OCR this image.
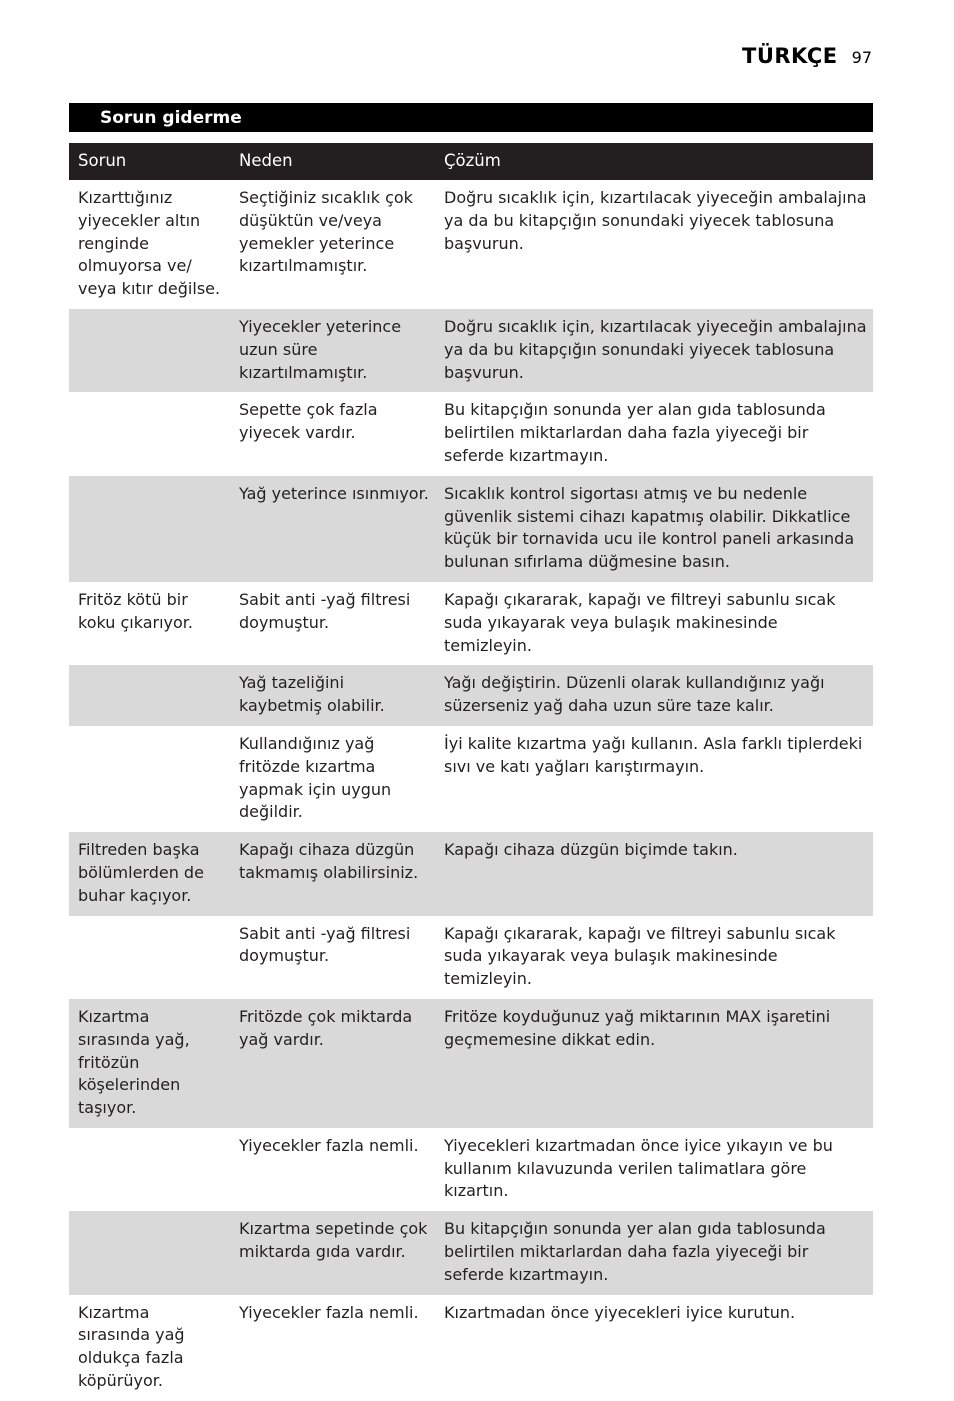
TÜRKÇE 97
Sorun giderme
Sorun	Neden	Çözüm
Kızarttığınız yiyecekler altın renginde olmuyorsa ve/ veya kıtır değilse.	Seçtiğiniz sıcaklık çok düşüktün ve/veya yemekler yeterince kızartılmamıştır.	Doğru sıcaklık için, kızartılacak yiyeceğin ambalajına ya da bu kitapçığın sonundaki yiyecek tablosuna başvurun.
	Yiyecekler yeterince uzun süre kızartılmamıştır.	Doğru sıcaklık için, kızartılacak yiyeceğin ambalajına ya da bu kitapçığın sonundaki yiyecek tablosuna başvurun.
	Sepette çok fazla yiyecek vardır.	Bu kitapçığın sonunda yer alan gıda tablosunda belirtilen miktarlardan daha fazla yiyeceği bir seferde kızartmayın.
	Yağ yeterince ısınmıyor.	Sıcaklık kontrol sigortası atmış ve bu nedenle güvenlik sistemi cihazı kapatmış olabilir. Dikkatlice küçük bir tornavida ucu ile kontrol paneli arkasında bulunan sıfırlama düğmesine basın.
Fritöz kötü bir koku çıkarıyor.	Sabit anti -yağ filtresi doymuştur.	Kapağı çıkararak, kapağı ve filtreyi sabunlu sıcak suda yıkayarak veya bulaşık makinesinde temizleyin.
	Yağ tazeliğini kaybetmiş olabilir.	Yağı değiştirin. Düzenli olarak kullandığınız yağı süzerseniz yağ daha uzun süre taze kalır.
	Kullandığınız yağ fritözde kızartma yapmak için uygun değildir.	İyi kalite kızartma yağı kullanın. Asla farklı tiplerdeki sıvı ve katı yağları karıştırmayın.
Filtreden başka bölümlerden de buhar kaçıyor.	Kapağı cihaza düzgün takmamış olabilirsiniz.	Kapağı cihaza düzgün biçimde takın.
	Sabit anti -yağ filtresi doymuştur.	Kapağı çıkararak, kapağı ve filtreyi sabunlu sıcak suda yıkayarak veya bulaşık makinesinde temizleyin.
Kızartma sırasında yağ, fritözün köşelerinden taşıyor.	Fritözde çok miktarda yağ vardır.	Fritöze koyduğunuz yağ miktarının MAX işaretini geçmemesine dikkat edin.
	Yiyecekler fazla nemli.	Yiyecekleri kızartmadan önce iyice yıkayın ve bu kullanım kılavuzunda verilen talimatlara göre kızartın.
	Kızartma sepetinde çok miktarda gıda vardır.	Bu kitapçığın sonunda yer alan gıda tablosunda belirtilen miktarlardan daha fazla yiyeceği bir seferde kızartmayın.
Kızartma sırasında yağ oldukça fazla köpürüyor.	Yiyecekler fazla nemli.	Kızartmadan önce yiyecekleri iyice kurutun.
